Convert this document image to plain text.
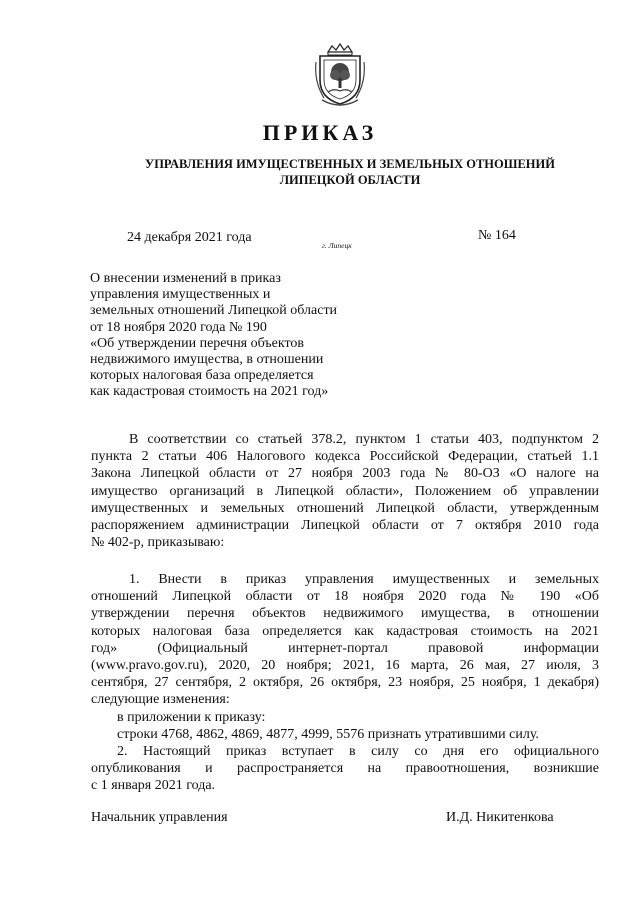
ПРИКАЗ
УПРАВЛЕНИЯ ИМУЩЕСТВЕННЫХ И ЗЕМЕЛЬНЫХ ОТНОШЕНИЙ
ЛИПЕЦКОЙ ОБЛАСТИ
24 декабря 2021 года
г. Липецк
№ 164
О внесении изменений в приказ
управления имущественных и
земельных отношений Липецкой области
от 18 ноября 2020 года № 190
«Об утверждении перечня объектов
недвижимого имущества, в отношении
которых налоговая база определяется
как кадастровая стоимость на 2021 год»
В соответствии со статьей 378.2, пунктом 1 статьи 403, подпунктом 2
пункта 2 статьи 406 Налогового кодекса Российской Федерации, статьей 1.1
Закона Липецкой области от 27 ноября 2003 года № 80-ОЗ «О налоге на
имущество организаций в Липецкой области», Положением об управлении
имущественных и земельных отношений Липецкой области, утвержденным
распоряжением администрации Липецкой области от 7 октября 2010 года
№ 402-р, приказываю:
1. Внести в приказ управления имущественных и земельных
отношений Липецкой области от 18 ноября 2020 года № 190 «Об
утверждении перечня объектов недвижимого имущества, в отношении
которых налоговая база определяется как кадастровая стоимость на 2021
год» (Официальный интернет-портал правовой информации
(www.pravo.gov.ru), 2020, 20 ноября; 2021, 16 марта, 26 мая, 27 июля, 3
сентября, 27 сентября, 2 октября, 26 октября, 23 ноября, 25 ноября, 1 декабря)
следующие изменения:
в приложении к приказу:
строки 4768, 4862, 4869, 4877, 4999, 5576 признать утратившими силу.
2. Настоящий приказ вступает в силу со дня его официального
опубликования и распространяется на правоотношения, возникшие
с 1 января 2021 года.
Начальник управления	И.Д. Никитенкова
